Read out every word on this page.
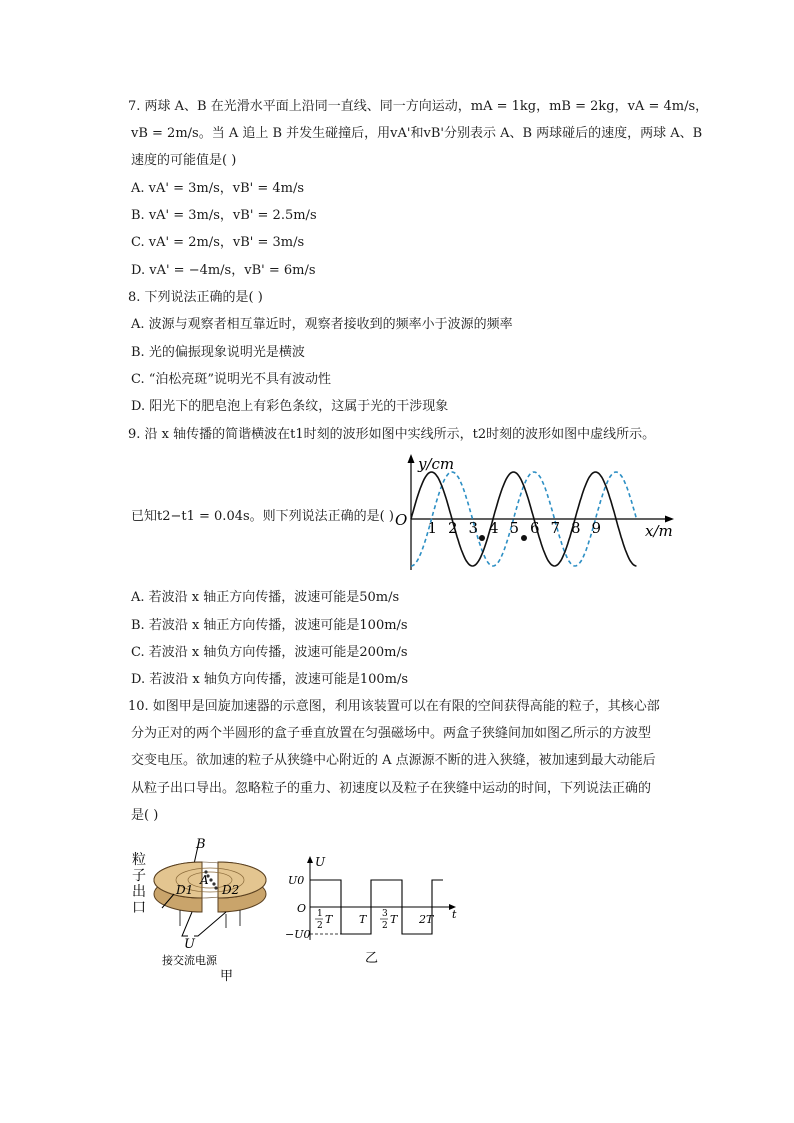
7. 两球 A、B 在光滑水平面上沿同一直线、同一方向运动，mA = 1kg，mB = 2kg，vA = 4m/s，
vB = 2m/s。当 A 追上 B 并发生碰撞后，用vA'和vB'分别表示 A、B 两球碰后的速度，两球 A、B
速度的可能值是( )
A. vA' = 3m/s，vB' = 4m/s
B. vA' = 3m/s，vB' = 2.5m/s
C. vA' = 2m/s，vB' = 3m/s
D. vA' = −4m/s，vB' = 6m/s
8. 下列说法正确的是( )
A. 波源与观察者相互靠近时，观察者接收到的频率小于波源的频率
B. 光的偏振现象说明光是横波
C. “泊松亮斑”说明光不具有波动性
D. 阳光下的肥皂泡上有彩色条纹，这属于光的干涉现象
9. 沿 x 轴传播的简谐横波在t1时刻的波形如图中实线所示，t2时刻的波形如图中虚线所示。
已知t2−t1 = 0.04s。则下列说法正确的是( )
y/cm
x/m
O 1 2 3 4 5 6 7 8 9
A. 若波沿 x 轴正方向传播，波速可能是50m/s
B. 若波沿 x 轴正方向传播，波速可能是100m/s
C. 若波沿 x 轴负方向传播，波速可能是200m/s
D. 若波沿 x 轴负方向传播，波速可能是100m/s
10. 如图甲是回旋加速器的示意图，利用该装置可以在有限的空间获得高能的粒子，其核心部
分为正对的两个半圆形的盒子垂直放置在匀强磁场中。两盒子狭缝间加如图乙所示的方波型
交变电压。欲加速的粒子从狭缝中心附近的 A 点源源不断的进入狭缝，被加速到最大动能后
从粒子出口导出。忽略粒子的重力、初速度以及粒子在狭缝中运动的时间，下列说法正确的
是( )
粒
子
出
口
B
A
D1 D2
U
接交流电源
甲
U
U0
−U0
O	t
1
2 T T 3
2 T 2T
乙
